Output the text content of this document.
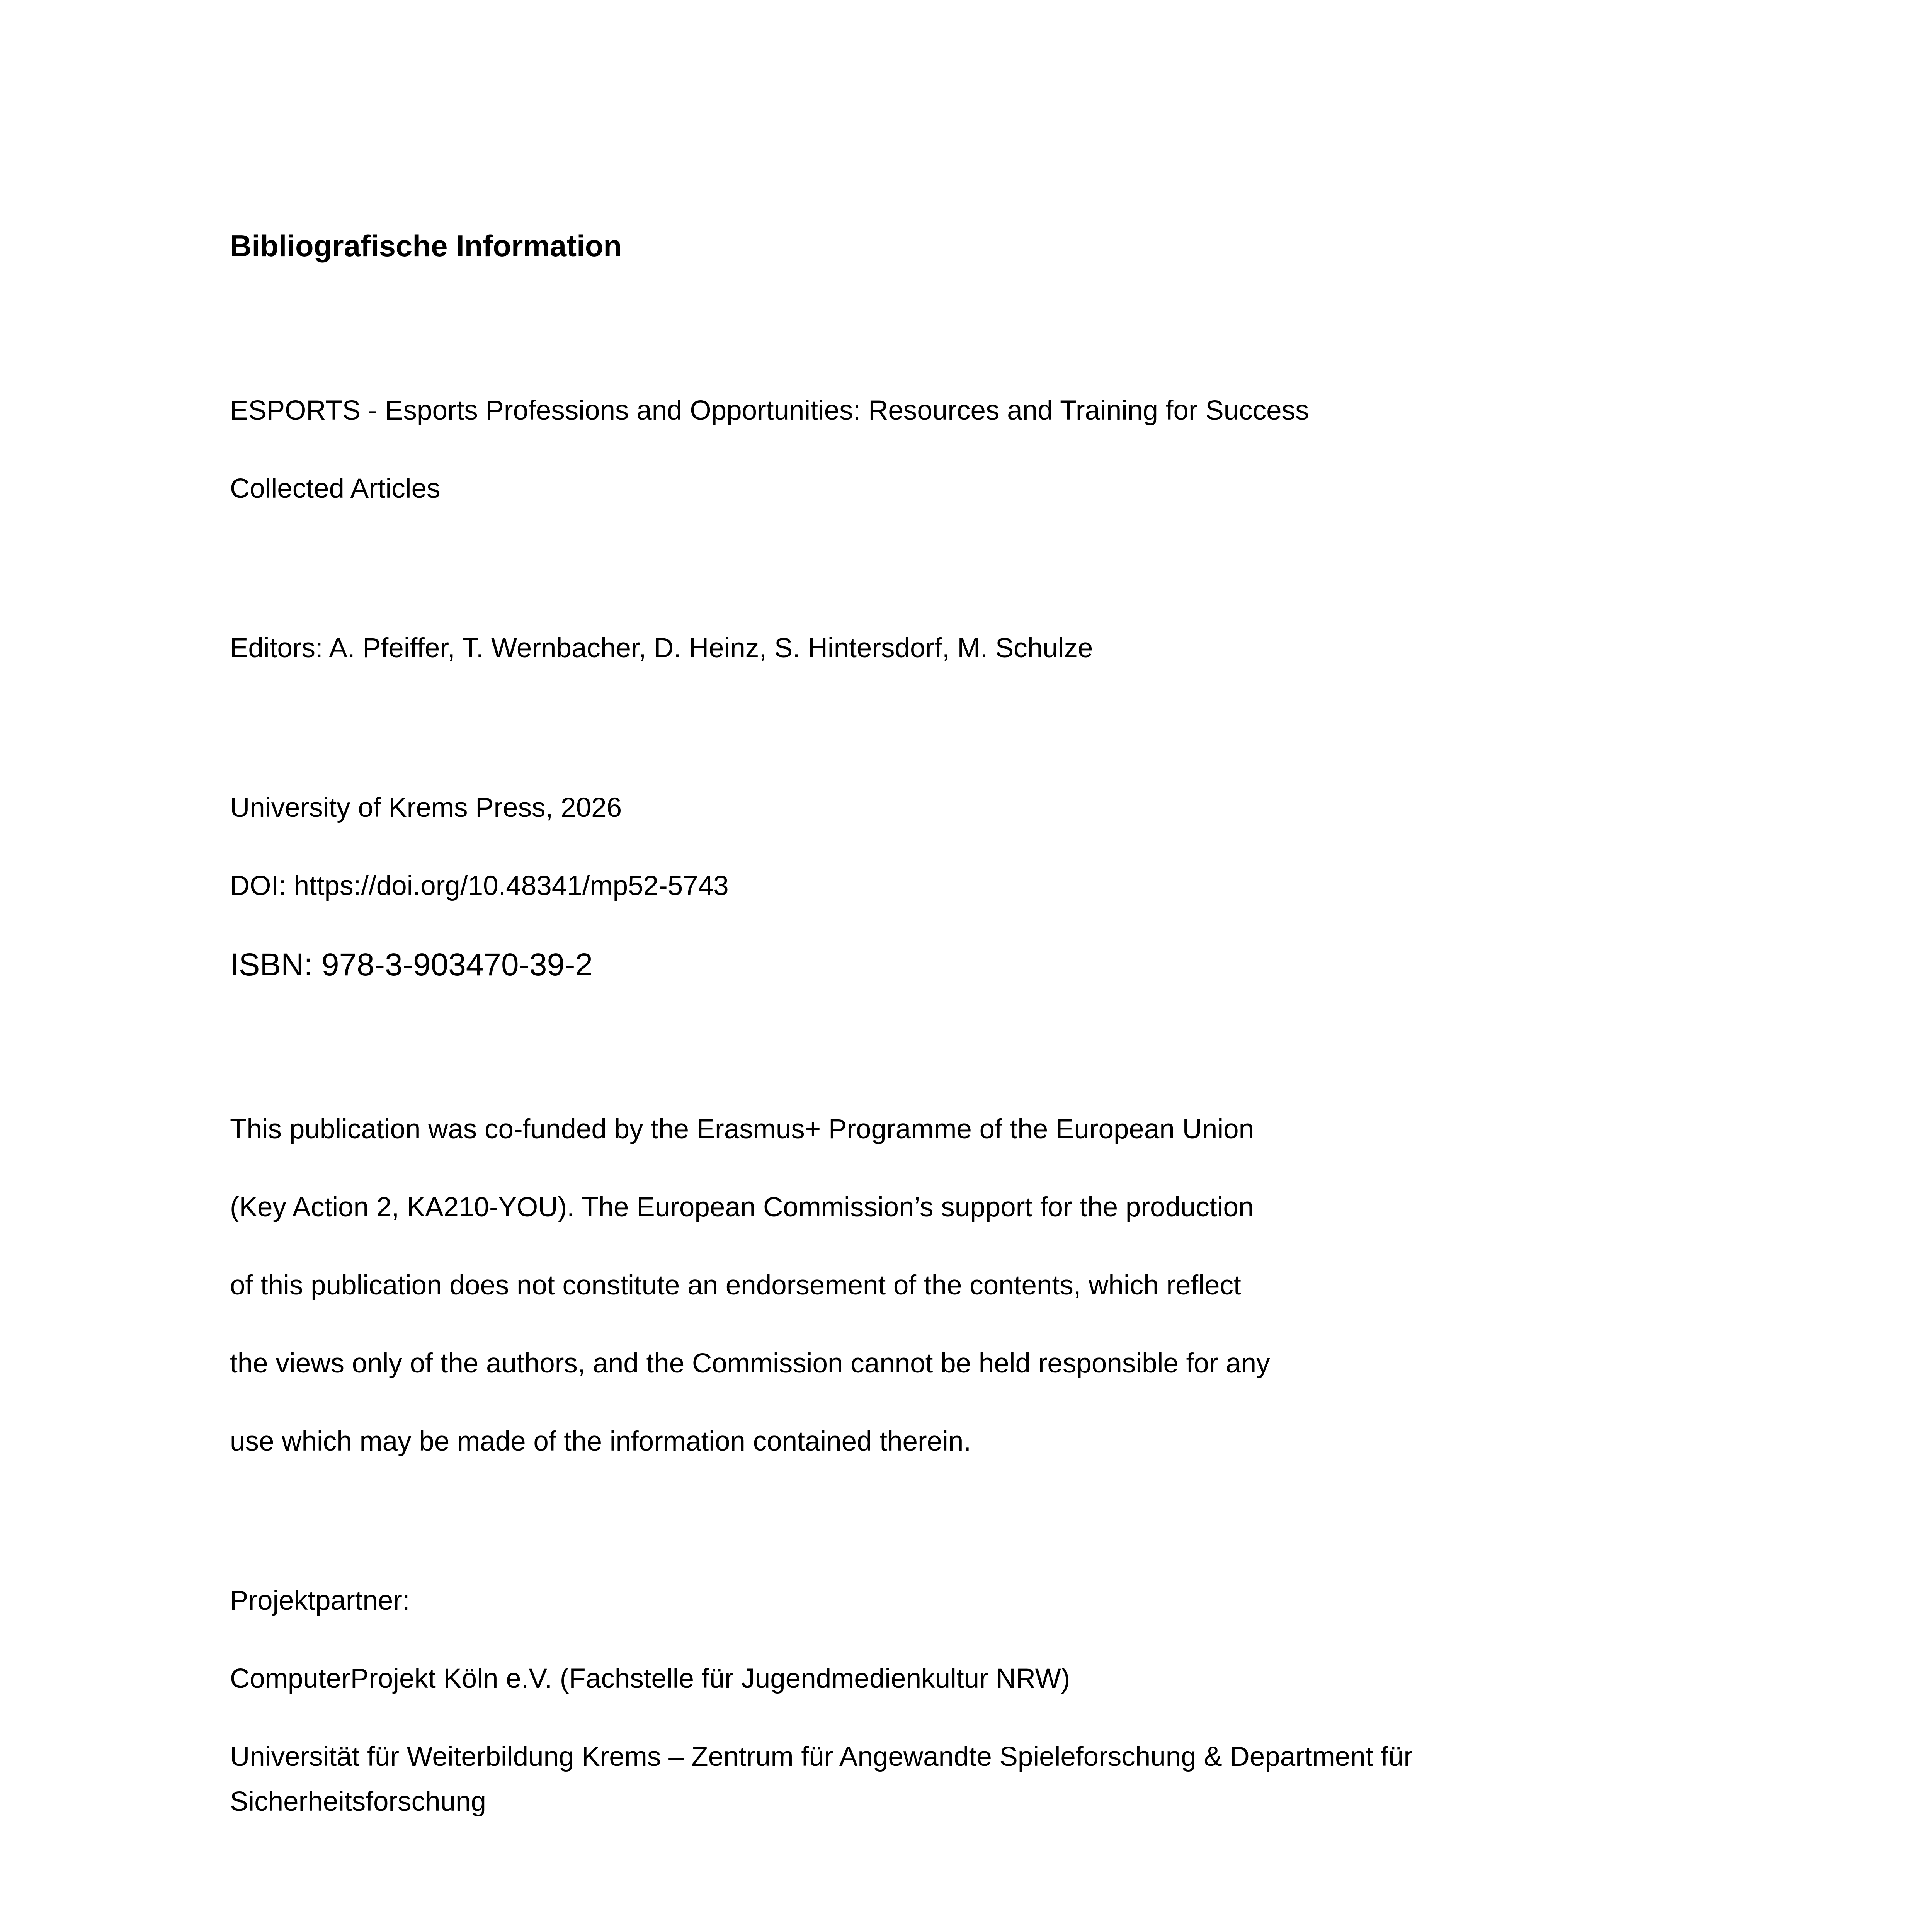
Bibliografische Information

ESPORTS - Esports Professions and Opportunities: Resources and Training for Success

Collected Articles

Editors: A. Pfeiffer, T. Wernbacher, D. Heinz, S. Hintersdorf, M. Schulze

University of Krems Press, 2026

DOI: https://doi.org/10.48341/mp52-5743

ISBN: 978-3-903470-39-2

This publication was co-funded by the Erasmus+ Programme of the European Union

(Key Action 2, KA210-YOU). The European Commission’s support for the production

of this publication does not constitute an endorsement of the contents, which reflect

the views only of the authors, and the Commission cannot be held responsible for any

use which may be made of the information contained therein.

Projektpartner:

ComputerProjekt Köln e.V. (Fachstelle für Jugendmedienkultur NRW)

Universität für Weiterbildung Krems – Zentrum für Angewandte Spieleforschung & Department für

Sicherheitsforschung
